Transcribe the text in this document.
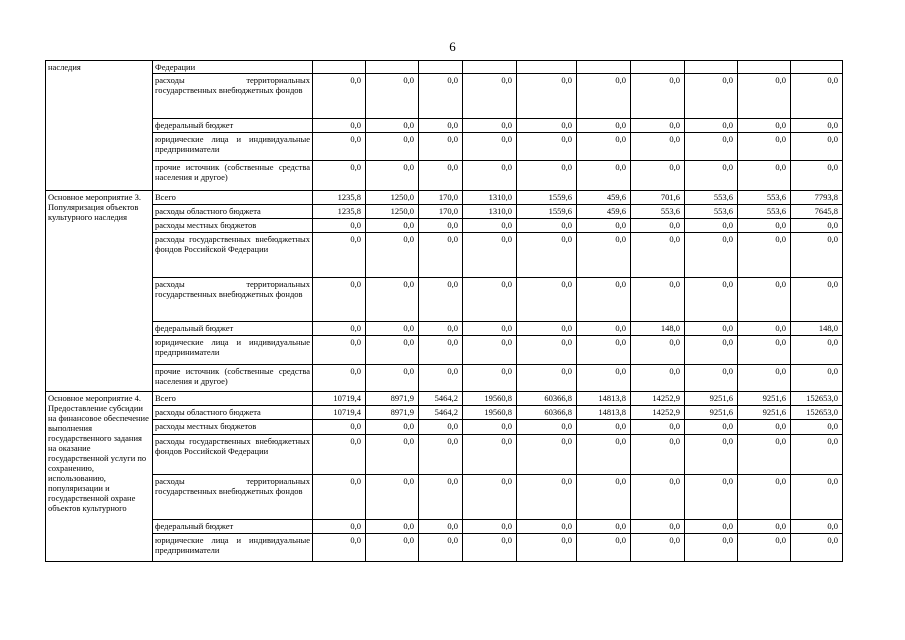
6
наследия	Федерации										
	расходы территориальных государственных внебюджетных фондов	0,0	0,0	0,0	0,0	0,0	0,0	0,0	0,0	0,0	0,0
	федеральный бюджет	0,0	0,0	0,0	0,0	0,0	0,0	0,0	0,0	0,0	0,0
	юридические лица и индивидуальные предприниматели	0,0	0,0	0,0	0,0	0,0	0,0	0,0	0,0	0,0	0,0
	прочие источник (собственные средства населения и другое)	0,0	0,0	0,0	0,0	0,0	0,0	0,0	0,0	0,0	0,0
Основное мероприятие 3. Популяризация объектов культурного наследия	Всего	1235,8	1250,0	170,0	1310,0	1559,6	459,6	701,6	553,6	553,6	7793,8
	расходы областного бюджета	1235,8	1250,0	170,0	1310,0	1559,6	459,6	553,6	553,6	553,6	7645,8
	расходы местных бюджетов	0,0	0,0	0,0	0,0	0,0	0,0	0,0	0,0	0,0	0,0
	расходы государственных внебюджетных фондов Российской Федерации	0,0	0,0	0,0	0,0	0,0	0,0	0,0	0,0	0,0	0,0
	расходы территориальных государственных внебюджетных фондов	0,0	0,0	0,0	0,0	0,0	0,0	0,0	0,0	0,0	0,0
	федеральный бюджет	0,0	0,0	0,0	0,0	0,0	0,0	148,0	0,0	0,0	148,0
	юридические лица и индивидуальные предприниматели	0,0	0,0	0,0	0,0	0,0	0,0	0,0	0,0	0,0	0,0
	прочие источник (собственные средства населения и другое)	0,0	0,0	0,0	0,0	0,0	0,0	0,0	0,0	0,0	0,0
Основное мероприятие 4. Предоставление субсидии на финансовое обеспечение выполнения государственного задания на оказание государственной услуги по сохранению, использованию, популяризации и государственной охране объектов культурного	Всего	10719,4	8971,9	5464,2	19560,8	60366,8	14813,8	14252,9	9251,6	9251,6	152653,0
	расходы областного бюджета	10719,4	8971,9	5464,2	19560,8	60366,8	14813,8	14252,9	9251,6	9251,6	152653,0
	расходы местных бюджетов	0,0	0,0	0,0	0,0	0,0	0,0	0,0	0,0	0,0	0,0
	расходы государственных внебюджетных фондов Российской Федерации	0,0	0,0	0,0	0,0	0,0	0,0	0,0	0,0	0,0	0,0
	расходы территориальных государственных внебюджетных фондов	0,0	0,0	0,0	0,0	0,0	0,0	0,0	0,0	0,0	0,0
	федеральный бюджет	0,0	0,0	0,0	0,0	0,0	0,0	0,0	0,0	0,0	0,0
	юридические лица и индивидуальные предприниматели	0,0	0,0	0,0	0,0	0,0	0,0	0,0	0,0	0,0	0,0
